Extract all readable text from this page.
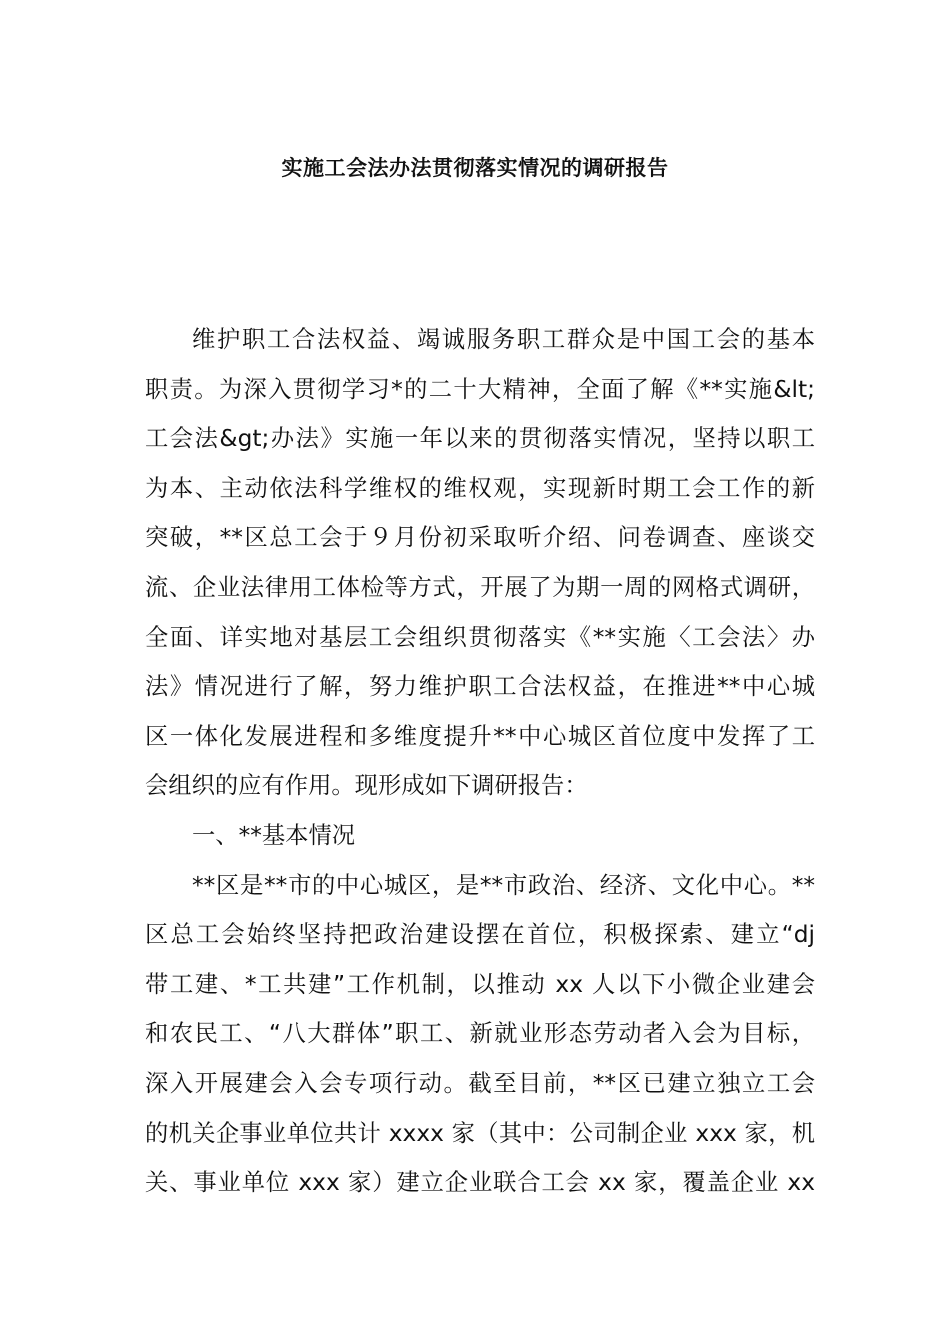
实施工会法办法贯彻落实情况的调研报告
维护职工合法权益、竭诚服务职工群众是中国工会的基本
职责。为深入贯彻学习*的二十大精神，全面了解《**实施&lt;
工会法&gt;办法》实施一年以来的贯彻落实情况，坚持以职工
为本、主动依法科学维权的维权观，实现新时期工会工作的新
突破，**区总工会于９月份初采取听介绍、问卷调查、座谈交
流、企业法律用工体检等方式，开展了为期一周的网格式调研，
全面、详实地对基层工会组织贯彻落实《**实施〈工会法〉办
法》情况进行了解，努力维护职工合法权益，在推进**中心城
区一体化发展进程和多维度提升**中心城区首位度中发挥了工
会组织的应有作用。现形成如下调研报告：
一、**基本情况
**区是**市的中心城区，是**市政治、经济、文化中心。**
区总工会始终坚持把政治建设摆在首位，积极探索、建立“dj
带工建、*工共建”工作机制，以推动 xx 人以下小微企业建会
和农民工、“八大群体”职工、新就业形态劳动者入会为目标，
深入开展建会入会专项行动。截至目前，**区已建立独立工会
的机关企事业单位共计 xxxx 家（其中：公司制企业 xxx 家，机
关、事业单位 xxx 家）建立企业联合工会 xx 家，覆盖企业 xx
